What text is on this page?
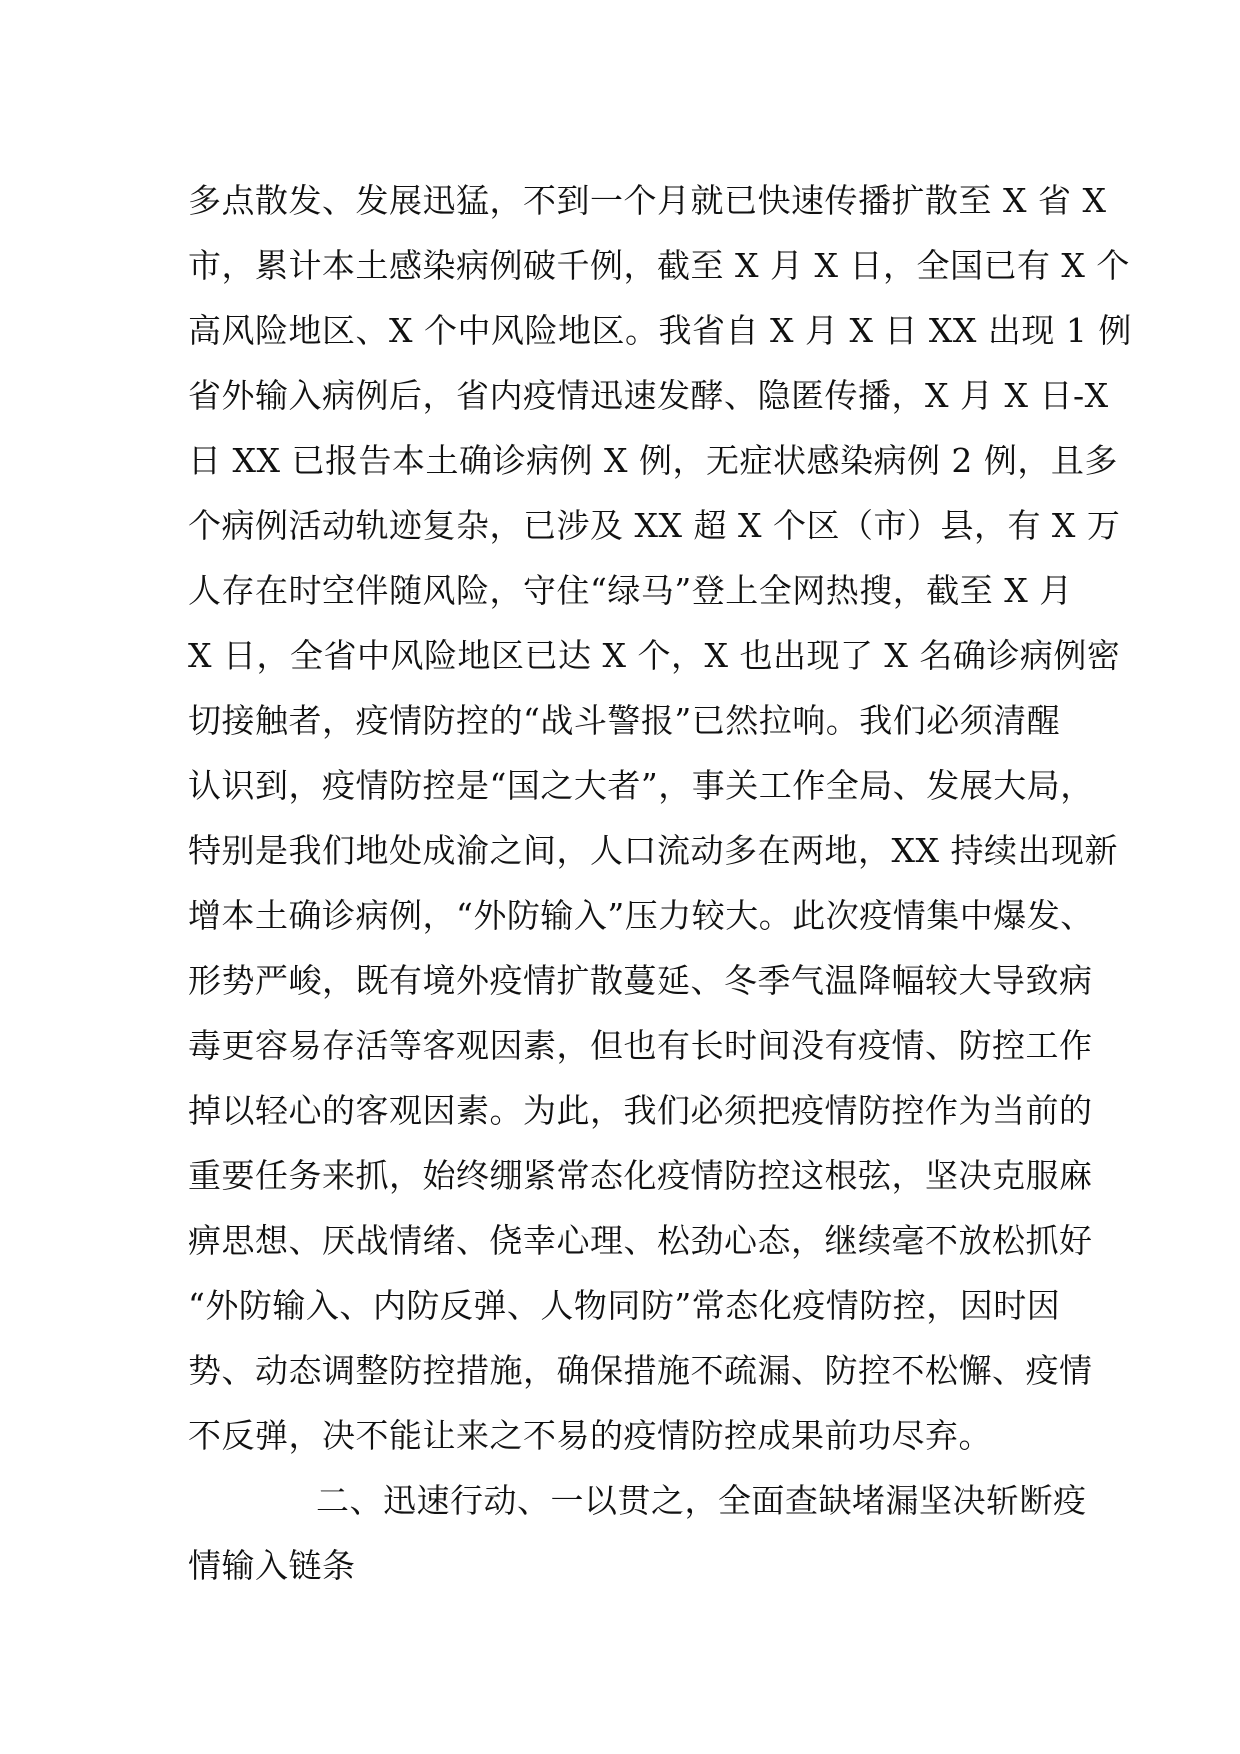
多点散发、发展迅猛，不到一个月就已快速传播扩散至 X 省 X
市，累计本土感染病例破千例，截至 X 月 X 日，全国已有 X 个
高风险地区、X 个中风险地区。我省自 X 月 X 日 XX 出现 1 例
省外输入病例后，省内疫情迅速发酵、隐匿传播，X 月 X 日-X
日 XX 已报告本土确诊病例 X 例，无症状感染病例 2 例，且多
个病例活动轨迹复杂，已涉及 XX 超 X 个区（市）县，有 X 万
人存在时空伴随风险，守住“绿马”登上全网热搜，截至 X 月
X 日，全省中风险地区已达 X 个，X 也出现了 X 名确诊病例密
切接触者，疫情防控的“战斗警报”已然拉响。我们必须清醒
认识到，疫情防控是“国之大者”，事关工作全局、发展大局，
特别是我们地处成渝之间，人口流动多在两地，XX 持续出现新
增本土确诊病例，“外防输入”压力较大。此次疫情集中爆发、
形势严峻，既有境外疫情扩散蔓延、冬季气温降幅较大导致病
毒更容易存活等客观因素，但也有长时间没有疫情、防控工作
掉以轻心的客观因素。为此，我们必须把疫情防控作为当前的
重要任务来抓，始终绷紧常态化疫情防控这根弦，坚决克服麻
痹思想、厌战情绪、侥幸心理、松劲心态，继续毫不放松抓好
“外防输入、内防反弹、人物同防”常态化疫情防控，因时因
势、动态调整防控措施，确保措施不疏漏、防控不松懈、疫情
不反弹，决不能让来之不易的疫情防控成果前功尽弃。
二、迅速行动、一以贯之，全面查缺堵漏坚决斩断疫
情输入链条
